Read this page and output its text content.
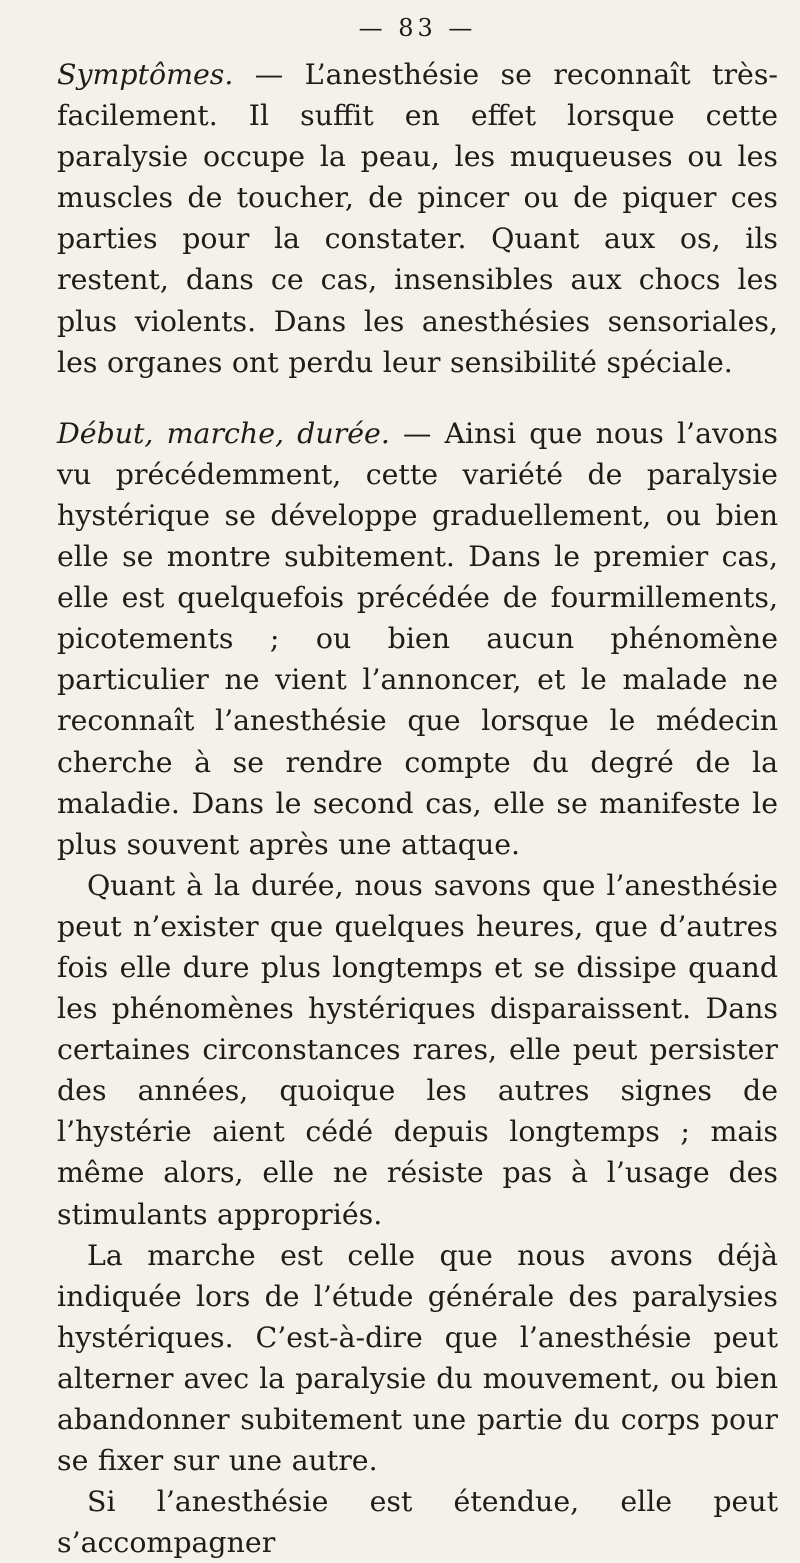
— 83 —

Symptômes. — L’anesthésie se reconnaît très-facilement. Il suffit en effet lorsque cette paralysie occupe la peau, les muqueuses ou les muscles de toucher, de pincer ou de piquer ces parties pour la constater. Quant aux os, ils restent, dans ce cas, insensibles aux chocs les plus violents. Dans les anesthésies sensoriales, les organes ont perdu leur sensibilité spéciale.

Début, marche, durée. — Ainsi que nous l’avons vu précédemment, cette variété de paralysie hystérique se développe graduellement, ou bien elle se montre subitement. Dans le premier cas, elle est quelquefois précédée de fourmillements, picotements ; ou bien aucun phénomène particulier ne vient l’annoncer, et le malade ne reconnaît l’anesthésie que lorsque le médecin cherche à se rendre compte du degré de la maladie. Dans le second cas, elle se manifeste le plus souvent après une attaque.

Quant à la durée, nous savons que l’anesthésie peut n’exister que quelques heures, que d’autres fois elle dure plus longtemps et se dissipe quand les phénomènes hystériques disparaissent. Dans certaines circonstances rares, elle peut persister des années, quoique les autres signes de l’hystérie aient cédé depuis longtemps ; mais même alors, elle ne résiste pas à l’usage des stimulants appropriés.

La marche est celle que nous avons déjà indiquée lors de l’étude générale des paralysies hystériques. C’est-à-dire que l’anesthésie peut alterner avec la paralysie du mouvement, ou bien abandonner subitement une partie du corps pour se fixer sur une autre.

Si l’anesthésie est étendue, elle peut s’accompagner
